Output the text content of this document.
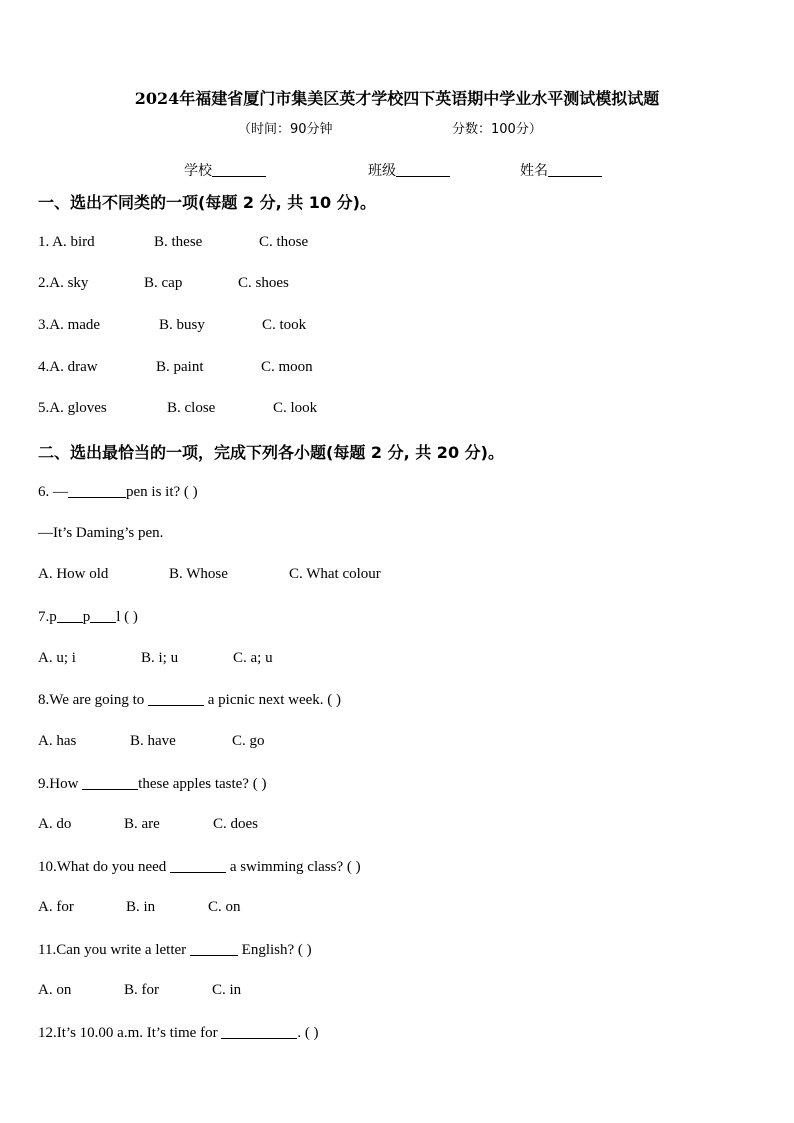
2024年福建省厦门市集美区英才学校四下英语期中学业水平测试模拟试题
（时间：90分钟	分数：100分）
学校	班级	姓名
一、选出不同类的一项(每题 2 分, 共 10 分)。
1. A. bird	B. these	C. those
2.A. sky	B. cap	C. shoes
3.A. made	B. busy	C. took
4.A. draw	B. paint	C. moon
5.A. gloves	B. close	C. look
二、选出最恰当的一项，完成下列各小题(每题 2 分, 共 20 分)。
6. —	pen is it? ( )
—It’s Daming’s pen.
A. How old	B. Whose	C. What colour
7.p p l ( )
A. u; i	B. i; u	C. a; u
8.We are going to	a picnic next week. ( )
A. has	B. have	C. go
9.How	these apples taste? ( )
A. do	B. are	C. does
10.What do you need	a swimming class? ( )
A. for	B. in	C. on
11.Can you write a letter	English? ( )
A. on	B. for	C. in
12.It’s 10.00 a.m. It’s time for	. ( )
